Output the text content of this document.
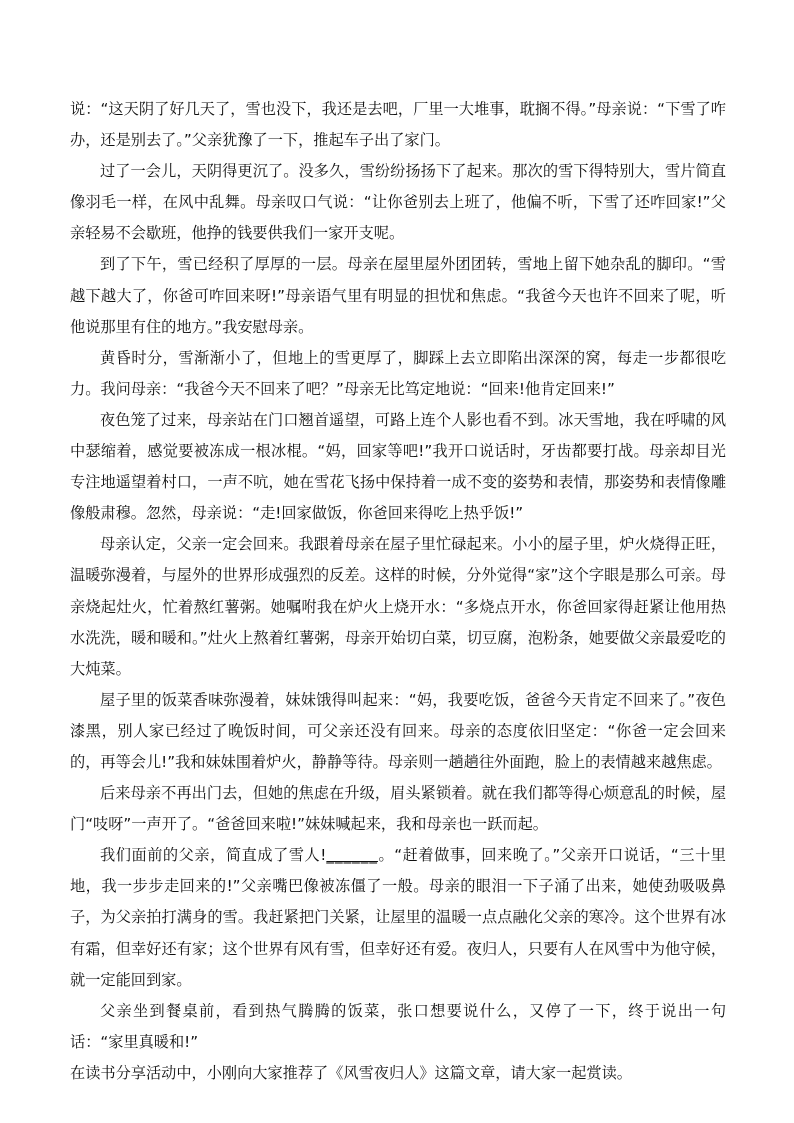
说：“这天阴了好几天了，雪也没下，我还是去吧，厂里一大堆事，耽搁不得。”母亲说：“下雪了咋办，还是别去了。”父亲犹豫了一下，推起车子出了家门。

过了一会儿，天阴得更沉了。没多久，雪纷纷扬扬下了起来。那次的雪下得特别大，雪片简直像羽毛一样，在风中乱舞。母亲叹口气说：“让你爸别去上班了，他偏不听，下雪了还咋回家!”父亲轻易不会歇班，他挣的钱要供我们一家开支呢。

到了下午，雪已经积了厚厚的一层。母亲在屋里屋外团团转，雪地上留下她杂乱的脚印。“雪越下越大了，你爸可咋回来呀!”母亲语气里有明显的担忧和焦虑。“我爸今天也许不回来了呢，听他说那里有住的地方。”我安慰母亲。

黄昏时分，雪渐渐小了，但地上的雪更厚了，脚踩上去立即陷出深深的窝，每走一步都很吃力。我问母亲：“我爸今天不回来了吧？”母亲无比笃定地说：“回来!他肯定回来!”

夜色笼了过来，母亲站在门口翘首遥望，可路上连个人影也看不到。冰天雪地，我在呼啸的风中瑟缩着，感觉要被冻成一根冰棍。“妈，回家等吧!”我开口说话时，牙齿都要打战。母亲却目光专注地遥望着村口，一声不吭，她在雪花飞扬中保持着一成不变的姿势和表情，那姿势和表情像雕像般肃穆。忽然，母亲说：“走!回家做饭，你爸回来得吃上热乎饭!”

母亲认定，父亲一定会回来。我跟着母亲在屋子里忙碌起来。小小的屋子里，炉火烧得正旺，温暖弥漫着，与屋外的世界形成强烈的反差。这样的时候，分外觉得“家”这个字眼是那么可亲。母亲烧起灶火，忙着熬红薯粥。她嘱咐我在炉火上烧开水：“多烧点开水，你爸回家得赶紧让他用热水洗洗，暖和暖和。”灶火上熬着红薯粥，母亲开始切白菜，切豆腐，泡粉条，她要做父亲最爱吃的大炖菜。

屋子里的饭菜香味弥漫着，妹妹饿得叫起来：“妈，我要吃饭，爸爸今天肯定不回来了。”夜色漆黑，别人家已经过了晚饭时间，可父亲还没有回来。母亲的态度依旧坚定：“你爸一定会回来的，再等会儿!”我和妹妹围着炉火，静静等待。母亲则一趟趟往外面跑，脸上的表情越来越焦虑。

后来母亲不再出门去，但她的焦虑在升级，眉头紧锁着。就在我们都等得心烦意乱的时候，屋门“吱呀”一声开了。“爸爸回来啦!”妹妹喊起来，我和母亲也一跃而起。

我们面前的父亲，简直成了雪人!______。“赶着做事，回来晚了。”父亲开口说话，“三十里地，我一步步走回来的!”父亲嘴巴像被冻僵了一般。母亲的眼泪一下子涌了出来，她使劲吸吸鼻子，为父亲拍打满身的雪。我赶紧把门关紧，让屋里的温暖一点点融化父亲的寒冷。这个世界有冰有霜，但幸好还有家；这个世界有风有雪，但幸好还有爱。夜归人，只要有人在风雪中为他守候，就一定能回到家。

父亲坐到餐桌前，看到热气腾腾的饭菜，张口想要说什么，又停了一下，终于说出一句话：“家里真暖和!”

在读书分享活动中，小刚向大家推荐了《风雪夜归人》这篇文章，请大家一起赏读。
